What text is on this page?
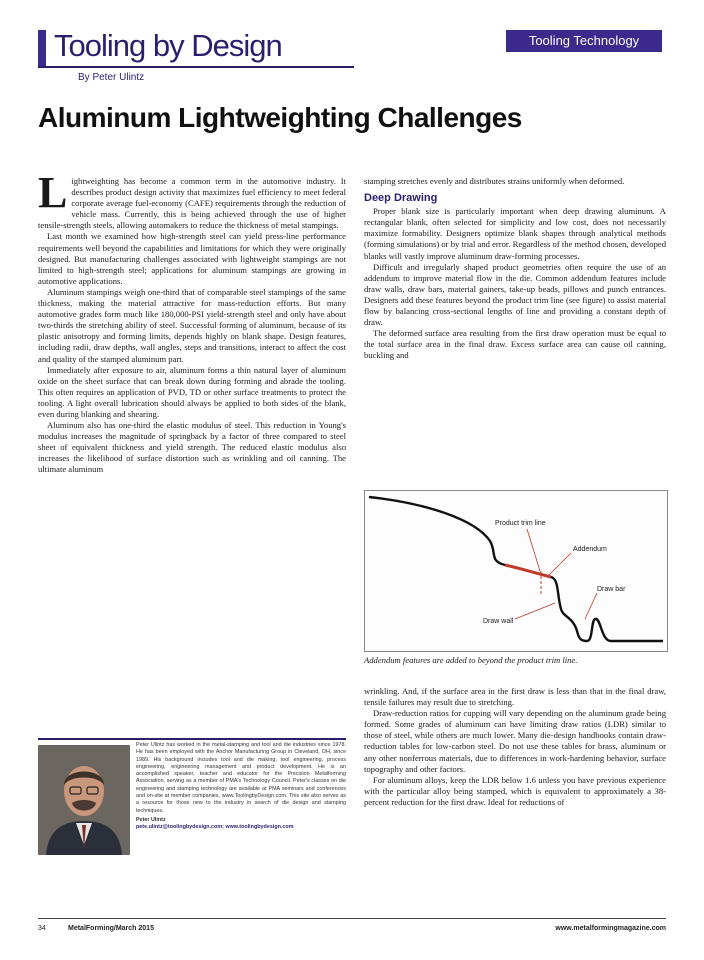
Tooling by Design	Tooling Technology
By Peter Ulintz
Aluminum Lightweighting Challenges

Lightweighting has become a common term in the automotive industry. It describes product design activity that maximizes fuel efficiency to meet federal corporate average fuel-economy (CAFE) requirements through the reduction of vehicle mass. Currently, this is being achieved through the use of higher tensile-strength steels, allowing automakers to reduce the thickness of metal stampings.

Last month we examined how high-strength steel can yield press-line performance requirements well beyond the capabilities and limitations for which they were originally designed. But manufacturing challenges associated with lightweight stampings are not limited to high-strength steel; applications for aluminum stampings are growing in automotive applications.

Aluminum stampings weigh one-third that of comparable steel stampings of the same thickness, making the material attractive for mass-reduction efforts. But many automotive grades form much like 180,000-PSI yield-strength steel and only have about two-thirds the stretching ability of steel. Successful forming of aluminum, because of its plastic anisotropy and forming limits, depends highly on blank shape. Design features, including radii, draw depths, wall angles, steps and transitions, interact to affect the cost and quality of the stamped aluminum part.

Immediately after exposure to air, aluminum forms a thin natural layer of aluminum oxide on the sheet surface that can break down during forming and abrade the tooling. This often requires an application of PVD, TD or other surface treatments to protect the tooling. A light overall lubrication should always be applied to both sides of the blank, even during blanking and shearing.

Aluminum also has one-third the elastic modulus of steel. This reduction in Young's modulus increases the magnitude of springback by a factor of three compared to steel sheet of equivalent thickness and yield strength. The reduced elastic modulus also increases the likelihood of surface distortion such as wrinkling and oil canning. The ultimate aluminum

stamping stretches evenly and distributes strains uniformly when deformed.

Deep Drawing

Proper blank size is particularly important when deep drawing aluminum. A rectangular blank, often selected for simplicity and low cost, does not necessarily maximize formability. Designers optimize blank shapes through analytical methods (forming simulations) or by trial and error. Regardless of the method chosen, developed blanks will vastly improve aluminum draw-forming processes.

Difficult and irregularly shaped product geometries often require the use of an addendum to improve material flow in the die. Common addendum features include draw walls, draw bars, material gainers, take-up beads, pillows and punch entrances. Designers add these features beyond the product trim line (see figure) to assist material flow by balancing cross-sectional lengths of line and providing a constant depth of draw.

The deformed surface area resulting from the first draw operation must be equal to the total surface area in the final draw. Excess surface area can cause oil canning, buckling and

Product trim line
Addendum
Draw bar
Draw wall
Addendum features are added to beyond the product trim line.

wrinkling. And, if the surface area in the first draw is less than that in the final draw, tensile failures may result due to stretching.

Draw-reduction ratios for cupping will vary depending on the aluminum grade being formed. Some grades of aluminum can have limiting draw ratios (LDR) similar to those of steel, while others are much lower. Many die-design handbooks contain draw-reduction tables for low-carbon steel. Do not use these tables for brass, aluminum or any other nonferrous materials, due to differences in work-hardening behavior, surface topography and other factors.

For aluminum alloys, keep the LDR below 1.6 unless you have previous experience with the particular alloy being stamped, which is equivalent to approximately a 38-percent reduction for the first draw. Ideal for reductions of

Peter Ulintz has worked in the metal-stamping and tool and die industries since 1978. He has been employed with the Anchor Manufacturing Group in Cleveland, OH, since 1989. His background includes tool and die making, tool engineering, process engineering, engineering management and product development. He is an accomplished speaker, teacher and educator for the Precision Metalforming Association, serving as a member of PMA's Technology Council. Peter's classes on die engineering and stamping technology are available at PMA seminars and conferences and on-site at member companies, www.ToolingbyDesign.com. This site also serves as a resource for those new to the industry in search of die design and stamping techniques.
Peter Ulintz
pete.ulintz@toolingbydesign.com; www.toolingbydesign.com
34	MetalForming/March 2015	www.metalformingmagazine.com
